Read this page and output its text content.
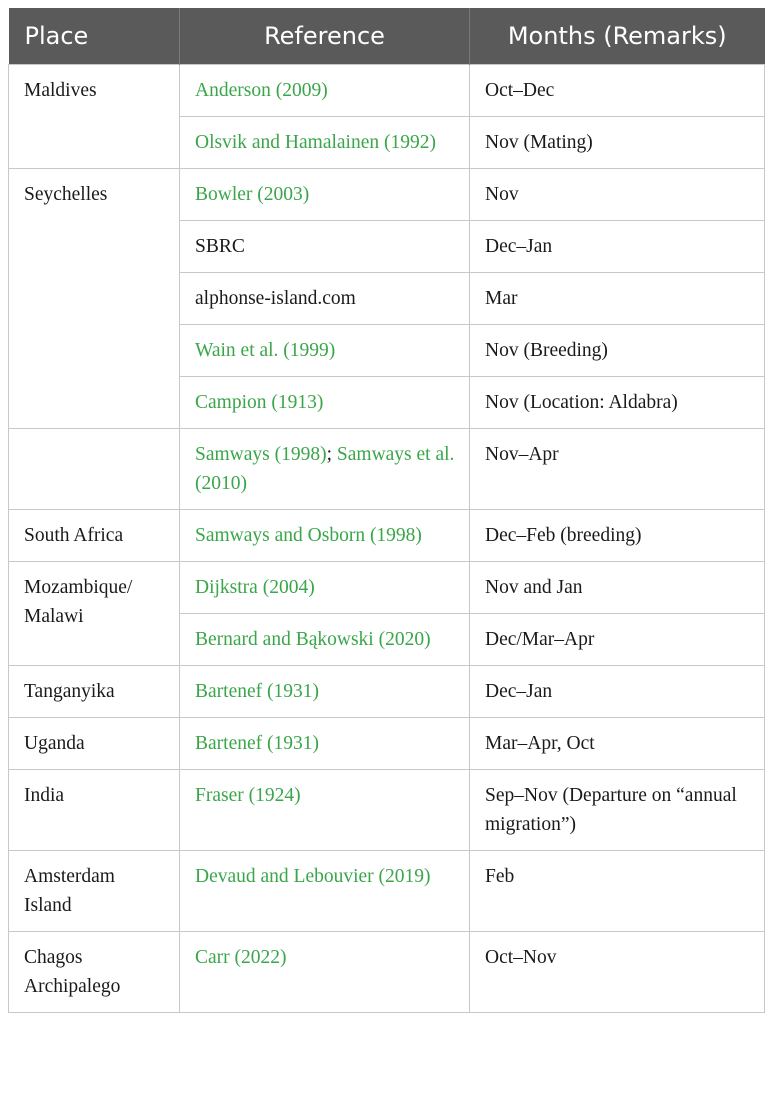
Place	Reference	Months (Remarks)
Maldives	Anderson (2009)	Oct–Dec
	Olsvik and Hamalainen (1992)	Nov (Mating)
Seychelles	Bowler (2003)	Nov
	SBRC	Dec–Jan
	alphonse-island.com	Mar
	Wain et al. (1999)	Nov (Breeding)
	Campion (1913)	Nov (Location: Aldabra)
	Samways (1998); Samways et al. (2010)	Nov–Apr
South Africa	Samways and Osborn (1998)	Dec–Feb (breeding)
Mozambique/ Malawi	Dijkstra (2004)	Nov and Jan
	Bernard and Bąkowski (2020)	Dec/Mar–Apr
Tanganyika	Bartenef (1931)	Dec–Jan
Uganda	Bartenef (1931)	Mar–Apr, Oct
India	Fraser (1924)	Sep–Nov (Departure on “annual migration”)
Amsterdam Island	Devaud and Lebouvier (2019)	Feb
Chagos Archipalego	Carr (2022)	Oct–Nov
